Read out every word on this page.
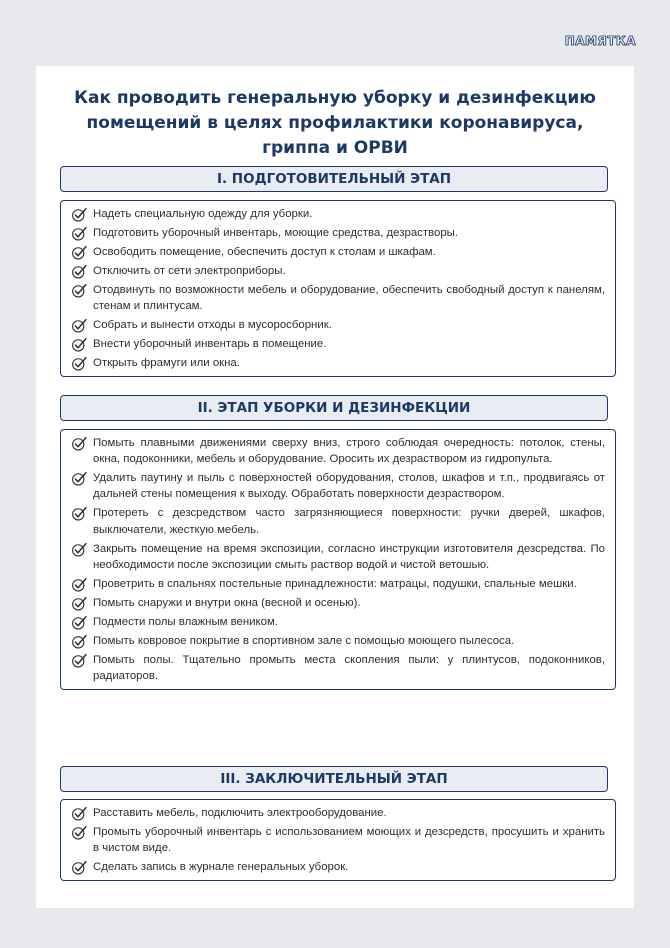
ПАМЯТКА
Как проводить генеральную уборку и дезинфекцию помещений в целях профилактики коронавируса, гриппа и ОРВИ
I. ПОДГОТОВИТЕЛЬНЫЙ ЭТАП
Надеть специальную одежду для уборки.
Подготовить уборочный инвентарь, моющие средства, дезрастворы.
Освободить помещение, обеспечить доступ к столам и шкафам.
Отключить от сети электроприборы.
Отодвинуть по возможности мебель и оборудование, обеспечить свободный доступ к панелям, стенам и плинтусам.
Собрать и вынести отходы в мусоросборник.
Внести уборочный инвентарь в помещение.
Открыть фрамуги или окна.
II. ЭТАП УБОРКИ И ДЕЗИНФЕКЦИИ
Помыть плавными движениями сверху вниз, строго соблюдая очередность: потолок, стены, окна, подоконники, мебель и оборудование. Оросить их дезраствором из гидропульта.
Удалить паутину и пыль с поверхностей оборудования, столов, шкафов и т.п., продвигаясь от дальней стены помещения к выходу. Обработать поверхности дезраствором.
Протереть с дезсредством часто загрязняющиеся поверхности: ручки дверей, шкафов, выключатели, жесткую мебель.
Закрыть помещение на время экспозиции, согласно инструкции изготовителя дезсредства. По необходимости после экспозиции смыть раствор водой и чистой ветошью.
Проветрить в спальнях постельные принадлежности: матрацы, подушки, спальные мешки.
Помыть снаружи и внутри окна (весной и осенью).
Подмести полы влажным веником.
Помыть ковровое покрытие в спортивном зале с помощью моющего пылесоса.
Помыть полы. Тщательно промыть места скопления пыли: у плинтусов, подоконников, радиаторов.
III. ЗАКЛЮЧИТЕЛЬНЫЙ ЭТАП
Расставить мебель, подключить электрооборудование.
Промыть уборочный инвентарь с использованием моющих и дезсредств, просушить и хранить в чистом виде.
Сделать запись в журнале генеральных уборок.
